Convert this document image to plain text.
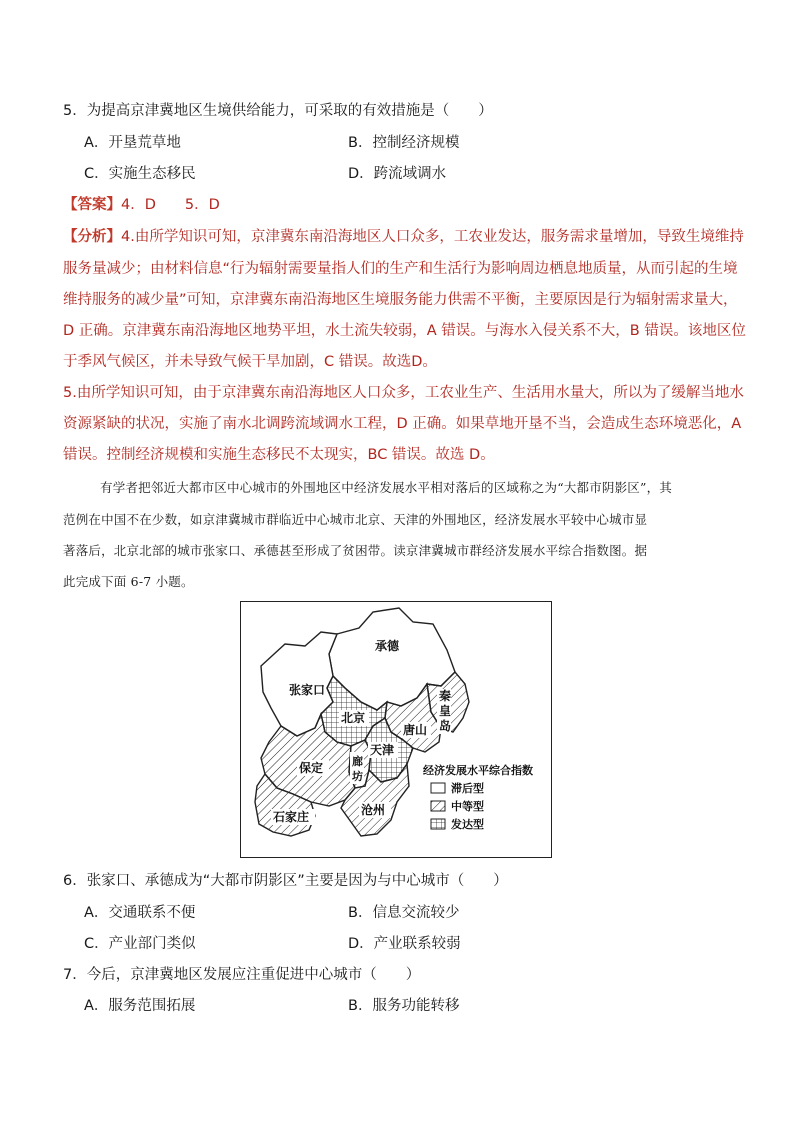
5．为提高京津冀地区生境供给能力，可采取的有效措施是（　　）
A．开垦荒草地	B．控制经济规模
C．实施生态移民	D．跨流域调水
【答案】4．D　　5．D
【分析】4.由所学知识可知，京津冀东南沿海地区人口众多，工农业发达，服务需求量增加，导致生境维持
服务量减少；由材料信息“行为辐射需要量指人们的生产和生活行为影响周边栖息地质量，从而引起的生境
维持服务的减少量”可知，京津冀东南沿海地区生境服务能力供需不平衡，主要原因是行为辐射需求量大，
D 正确。京津冀东南沿海地区地势平坦，水土流失较弱，A 错误。与海水入侵关系不大，B 错误。该地区位
于季风气候区，并未导致气候干旱加剧，C 错误。故选D。
5.由所学知识可知，由于京津冀东南沿海地区人口众多，工农业生产、生活用水量大，所以为了缓解当地水
资源紧缺的状况，实施了南水北调跨流域调水工程，D 正确。如果草地开垦不当，会造成生态环境恶化，A
错误。控制经济规模和实施生态移民不太现实，BC 错误。故选 D。
有学者把邻近大都市区中心城市的外围地区中经济发展水平相对落后的区域称之为“大都市阴影区”，其
范例在中国不在少数，如京津冀城市群临近中心城市北京、天津的外围地区，经济发展水平较中心城市显
著落后，北京北部的城市张家口、承德甚至形成了贫困带。读京津冀城市群经济发展水平综合指数图。据
此完成下面 6-7 小题。
承德
张家口
北京
唐山
秦
皇
岛
天津
保定	廊
坊
沧州
石家庄
经济发展水平综合指数
滞后型
中等型
发达型
6．张家口、承德成为“大都市阴影区”主要是因为与中心城市（　　）
A．交通联系不便	B．信息交流较少
C．产业部门类似	D．产业联系较弱
7．今后，京津冀地区发展应注重促进中心城市（　　）
A．服务范围拓展	B．服务功能转移
